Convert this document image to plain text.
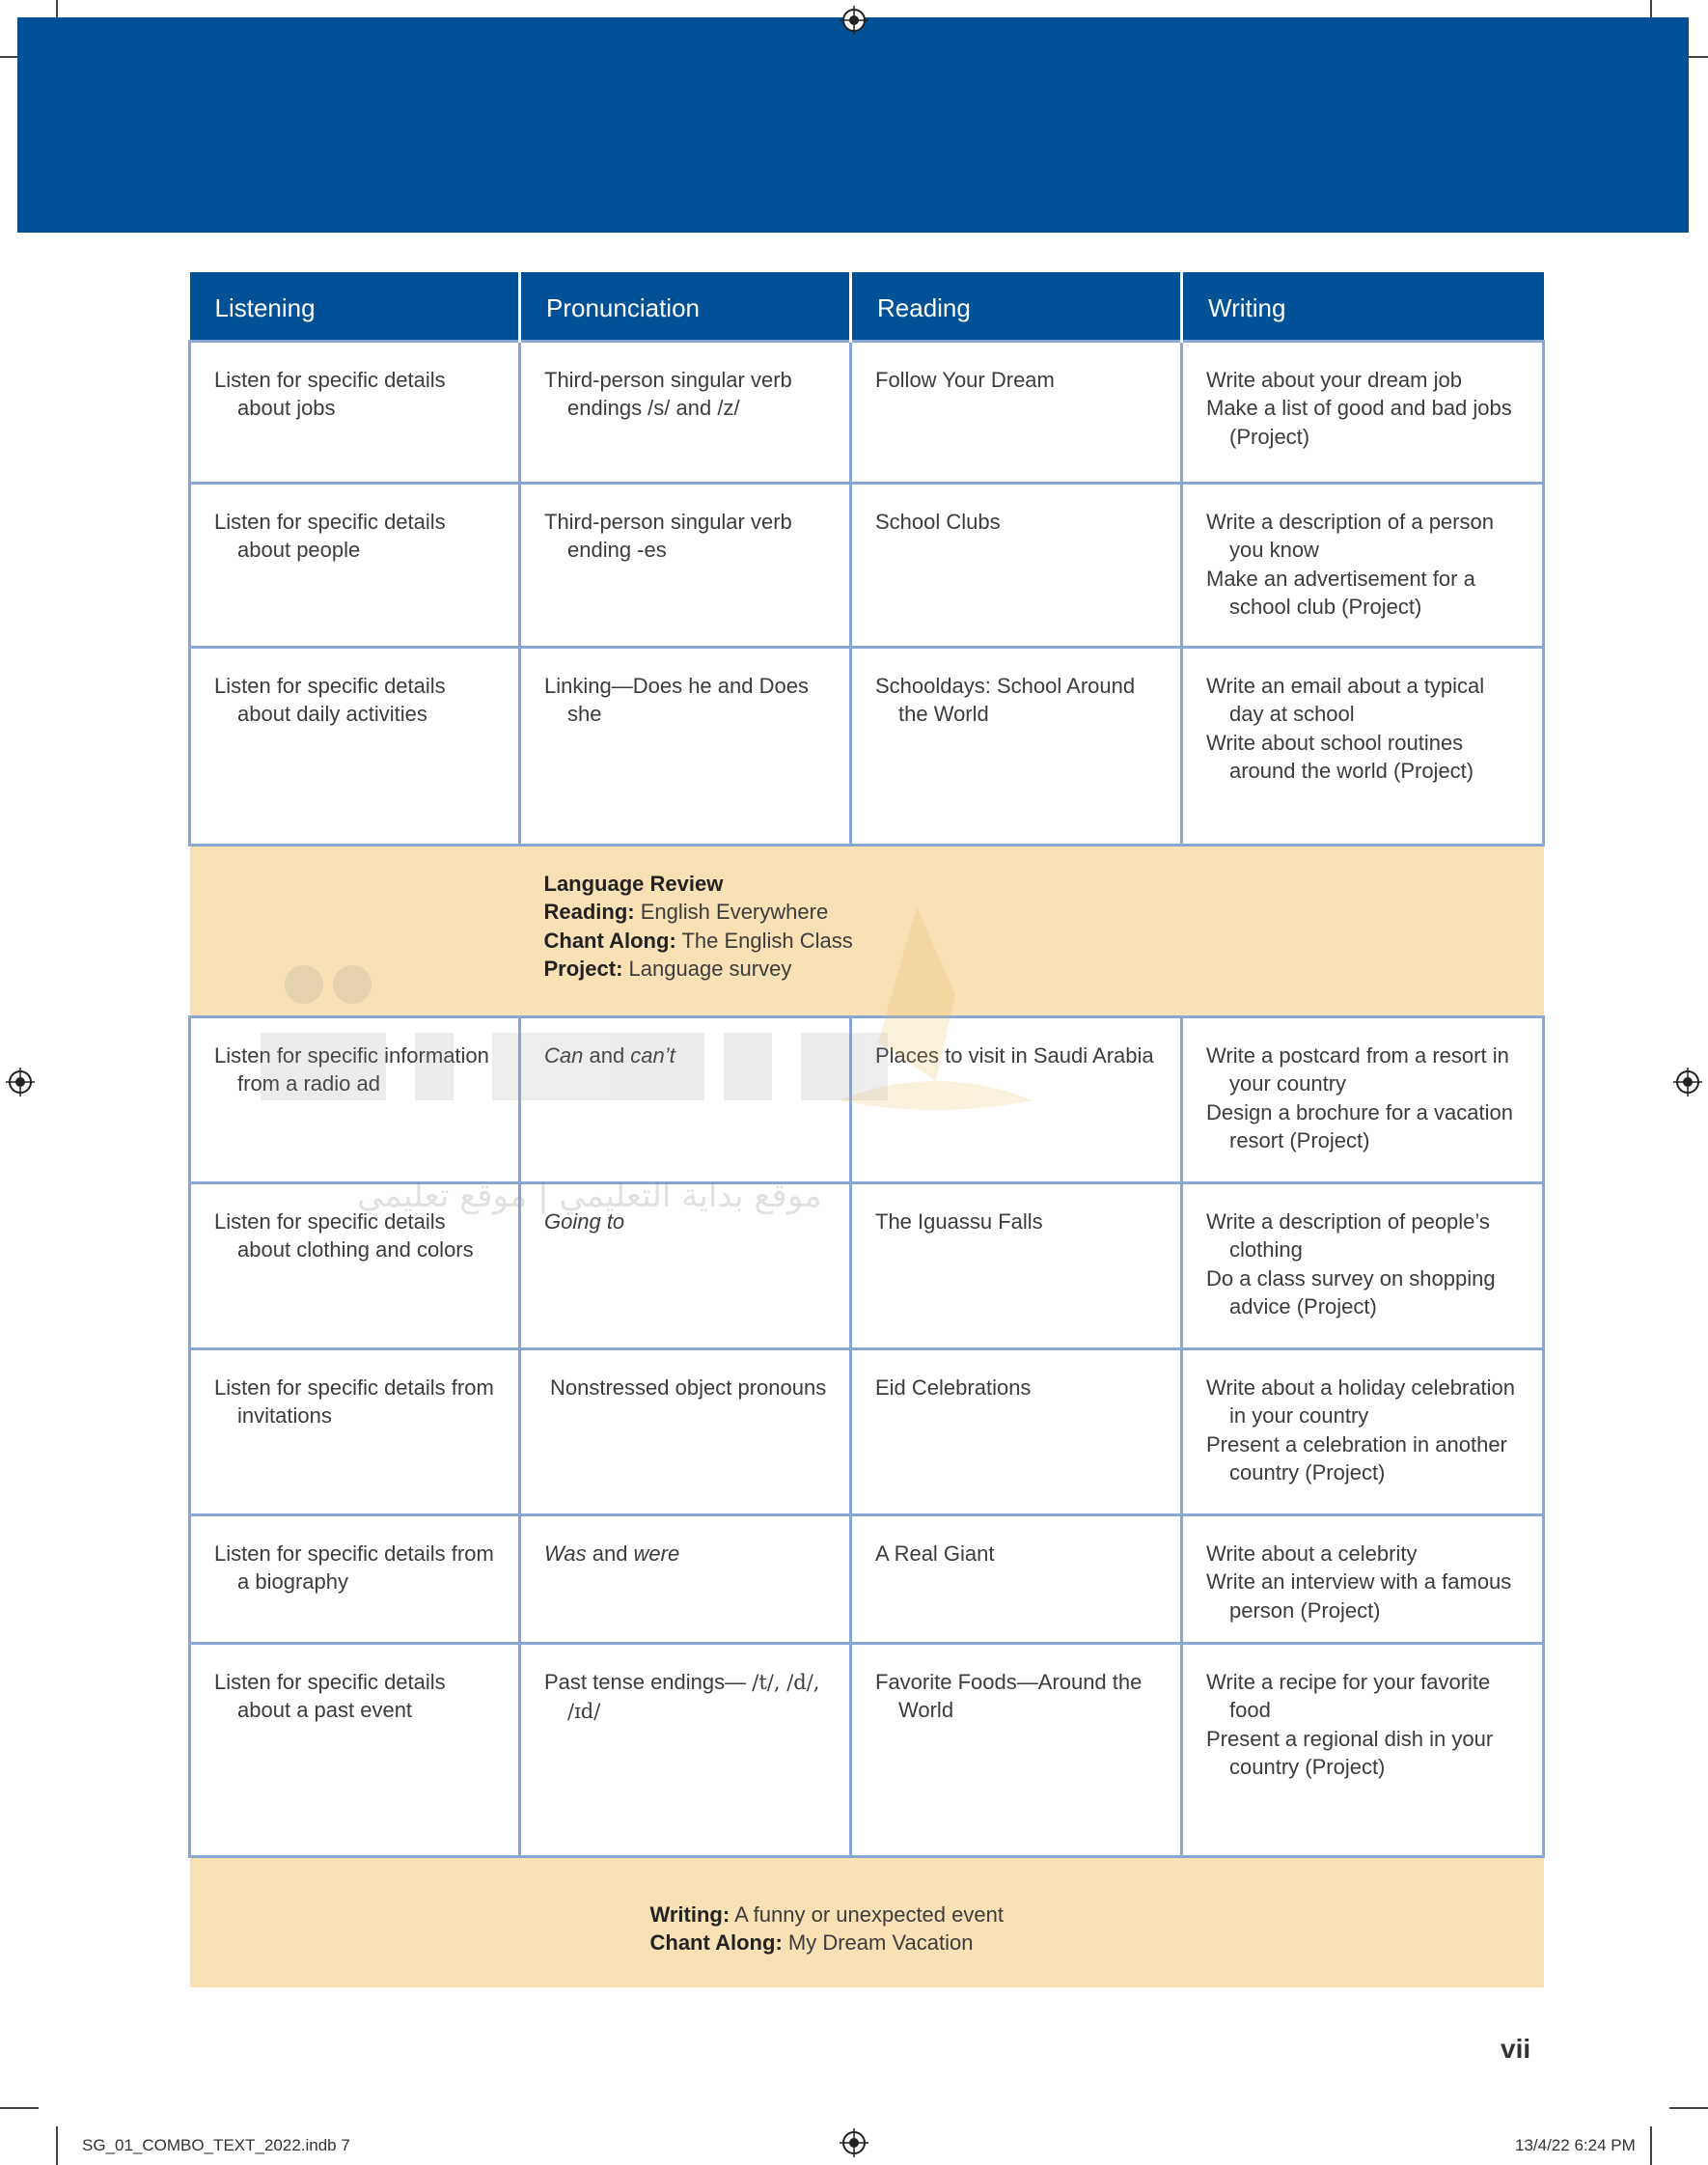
Listening	Pronunciation	Reading	Writing

Listen for specific details about jobs	Third-person singular verb endings /s/ and /z/	Follow Your Dream	Write about your dream job
Make a list of good and bad jobs (Project)

Listen for specific details about people	Third-person singular verb ending -es	School Clubs	Write a description of a person you know
Make an advertisement for a school club (Project)

Listen for specific details about daily activities	Linking—Does he and Does she	Schooldays: School Around the World	Write an email about a typical day at school
Write about school routines around the world (Project)

Language Review
Reading: English Everywhere
Chant Along: The English Class
Project: Language survey			

Listen for specific information from a radio ad	Can and can’t	Places to visit in Saudi Arabia	Write a postcard from a resort in your country
Design a brochure for a vacation resort (Project)

Listen for specific details about clothing and colors	Going to	The Iguassu Falls	Write a description of people’s clothing
Do a class survey on shopping advice (Project)

Listen for specific details from invitations	Nonstressed object pronouns	Eid Celebrations	Write about a holiday celebration in your country
Present a celebration in another country (Project)

Listen for specific details from a biography	Was and were	A Real Giant	Write about a celebrity
Write an interview with a famous person (Project)

Listen for specific details about a past event	Past tense endings— /t/, /d/, /ɪd/	Favorite Foods—Around the World	Write a recipe for your favorite food
Present a regional dish in your country (Project)

Writing: A funny or unexpected event
Chant Along: My Dream Vacation			
موقع بداية التعليمي | موقع تعليمي
vii
SG_01_COMBO_TEXT_2022.indb 7	13/4/22 6:24 PM
